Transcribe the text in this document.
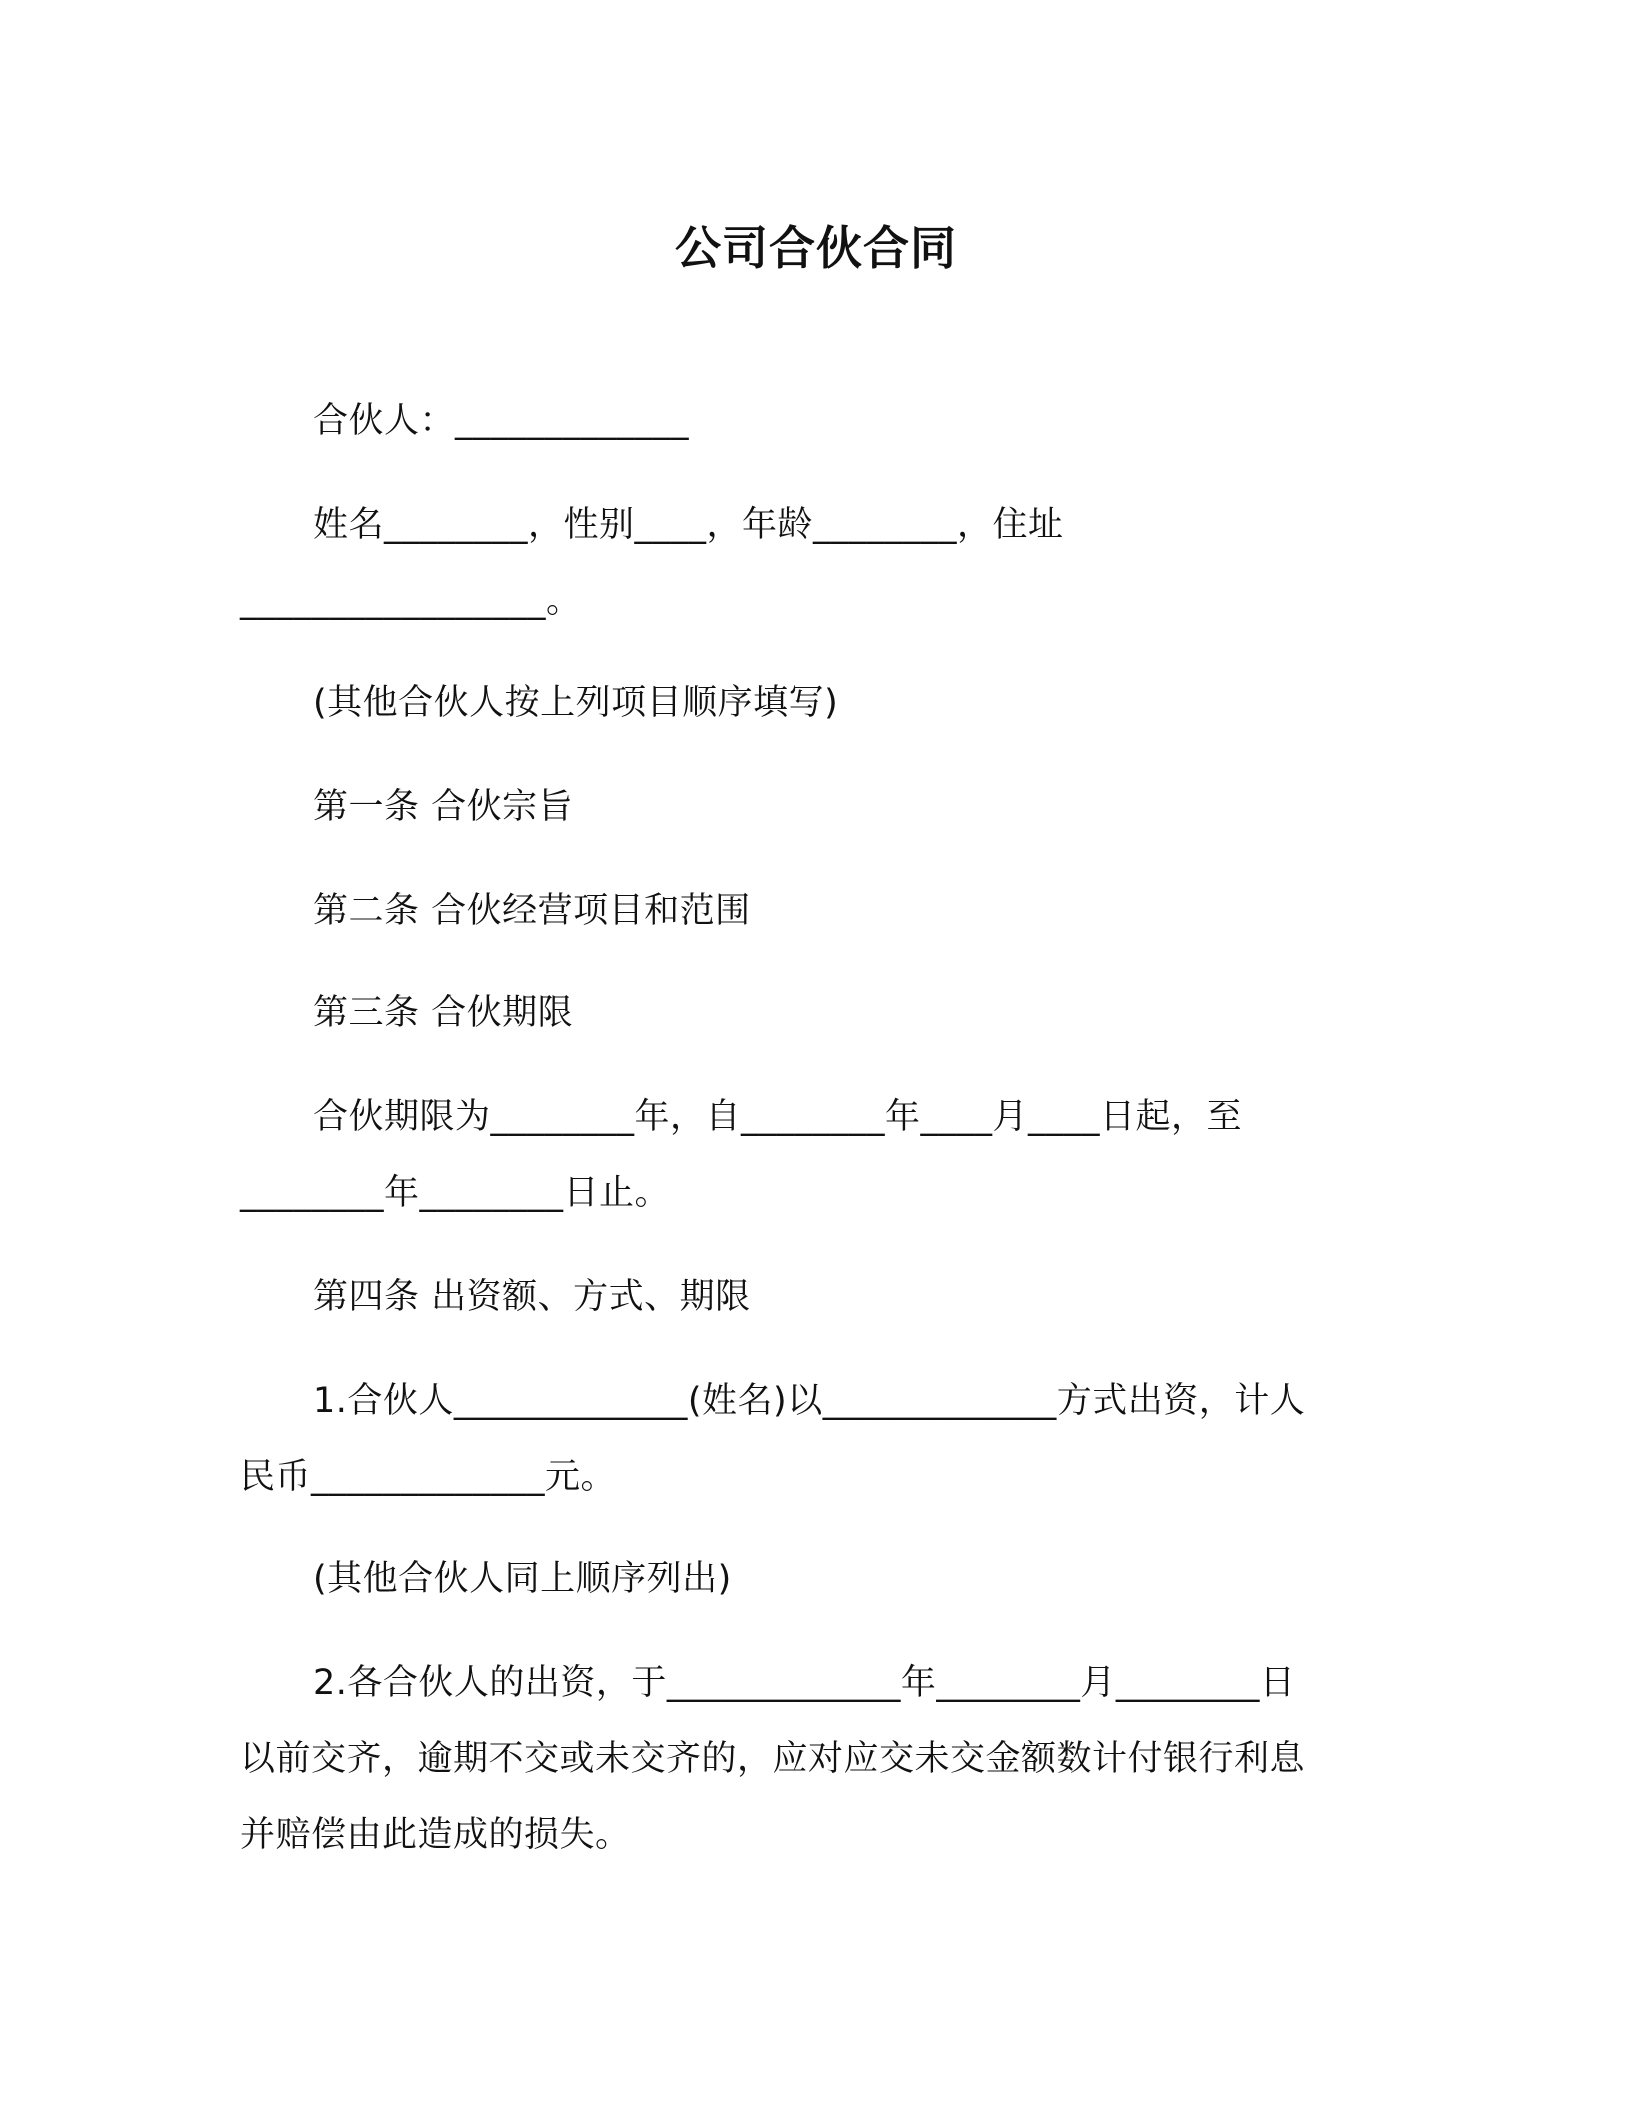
公司合伙合同
合伙人：_____________
姓名________，性别____，年龄________，住址
_________________。
(其他合伙人按上列项目顺序填写)
第一条 合伙宗旨
第二条 合伙经营项目和范围
第三条 合伙期限
合伙期限为________年，自________年____月____日起，至
________年________日止。
第四条 出资额、方式、期限
1.合伙人_____________(姓名)以_____________方式出资，计人
民币_____________元。
(其他合伙人同上顺序列出)
2.各合伙人的出资，于_____________年________月________日
以前交齐，逾期不交或未交齐的，应对应交未交金额数计付银行利息
并赔偿由此造成的损失。
